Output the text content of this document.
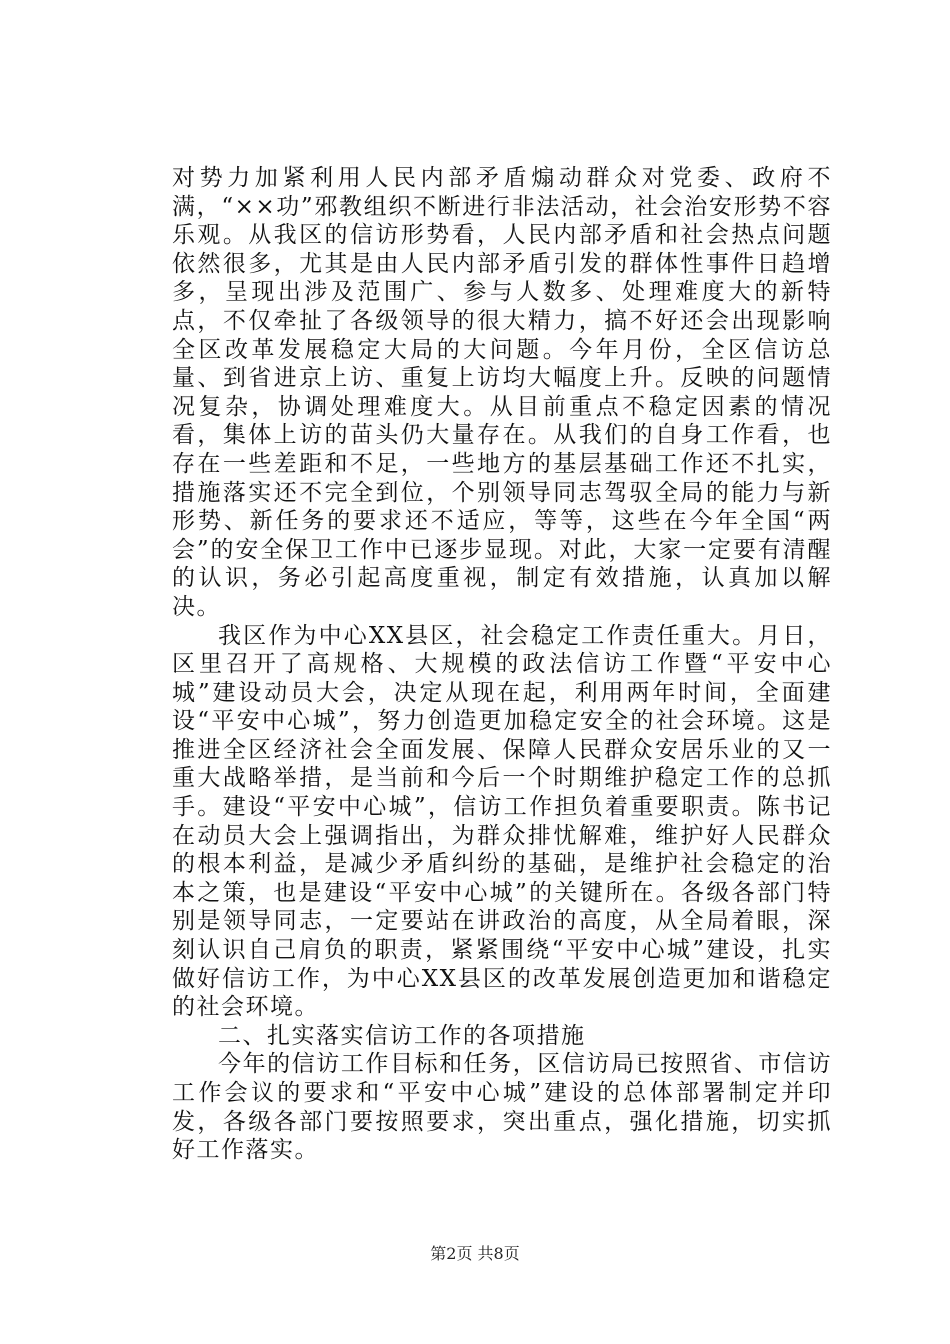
对势力加紧利用人民内部矛盾煽动群众对党委、政府不满，“××功”邪教组织不断进行非法活动，社会治安形势不容乐观。从我区的信访形势看，人民内部矛盾和社会热点问题依然很多，尤其是由人民内部矛盾引发的群体性事件日趋增多，呈现出涉及范围广、参与人数多、处理难度大的新特点，不仅牵扯了各级领导的很大精力，搞不好还会出现影响全区改革发展稳定大局的大问题。今年月份，全区信访总量、到省进京上访、重复上访均大幅度上升。反映的问题情况复杂，协调处理难度大。从目前重点不稳定因素的情况看，集体上访的苗头仍大量存在。从我们的自身工作看，也存在一些差距和不足，一些地方的基层基础工作还不扎实，措施落实还不完全到位，个别领导同志驾驭全局的能力与新形势、新任务的要求还不适应，等等，这些在今年全国“两会”的安全保卫工作中已逐步显现。对此，大家一定要有清醒的认识，务必引起高度重视，制定有效措施，认真加以解决。

我区作为中心XX县区，社会稳定工作责任重大。月日，区里召开了高规格、大规模的政法信访工作暨“平安中心城”建设动员大会，决定从现在起，利用两年时间，全面建设“平安中心城”，努力创造更加稳定安全的社会环境。这是推进全区经济社会全面发展、保障人民群众安居乐业的又一重大战略举措，是当前和今后一个时期维护稳定工作的总抓手。建设“平安中心城”，信访工作担负着重要职责。陈书记在动员大会上强调指出，为群众排忧解难，维护好人民群众的根本利益，是减少矛盾纠纷的基础，是维护社会稳定的治本之策，也是建设“平安中心城”的关键所在。各级各部门特别是领导同志，一定要站在讲政治的高度，从全局着眼，深刻认识自己肩负的职责，紧紧围绕“平安中心城”建设，扎实做好信访工作，为中心XX县区的改革发展创造更加和谐稳定的社会环境。

二、扎实落实信访工作的各项措施

今年的信访工作目标和任务，区信访局已按照省、市信访工作会议的要求和“平安中心城”建设的总体部署制定并印发，各级各部门要按照要求，突出重点，强化措施，切实抓好工作落实。

第2页 共8页
